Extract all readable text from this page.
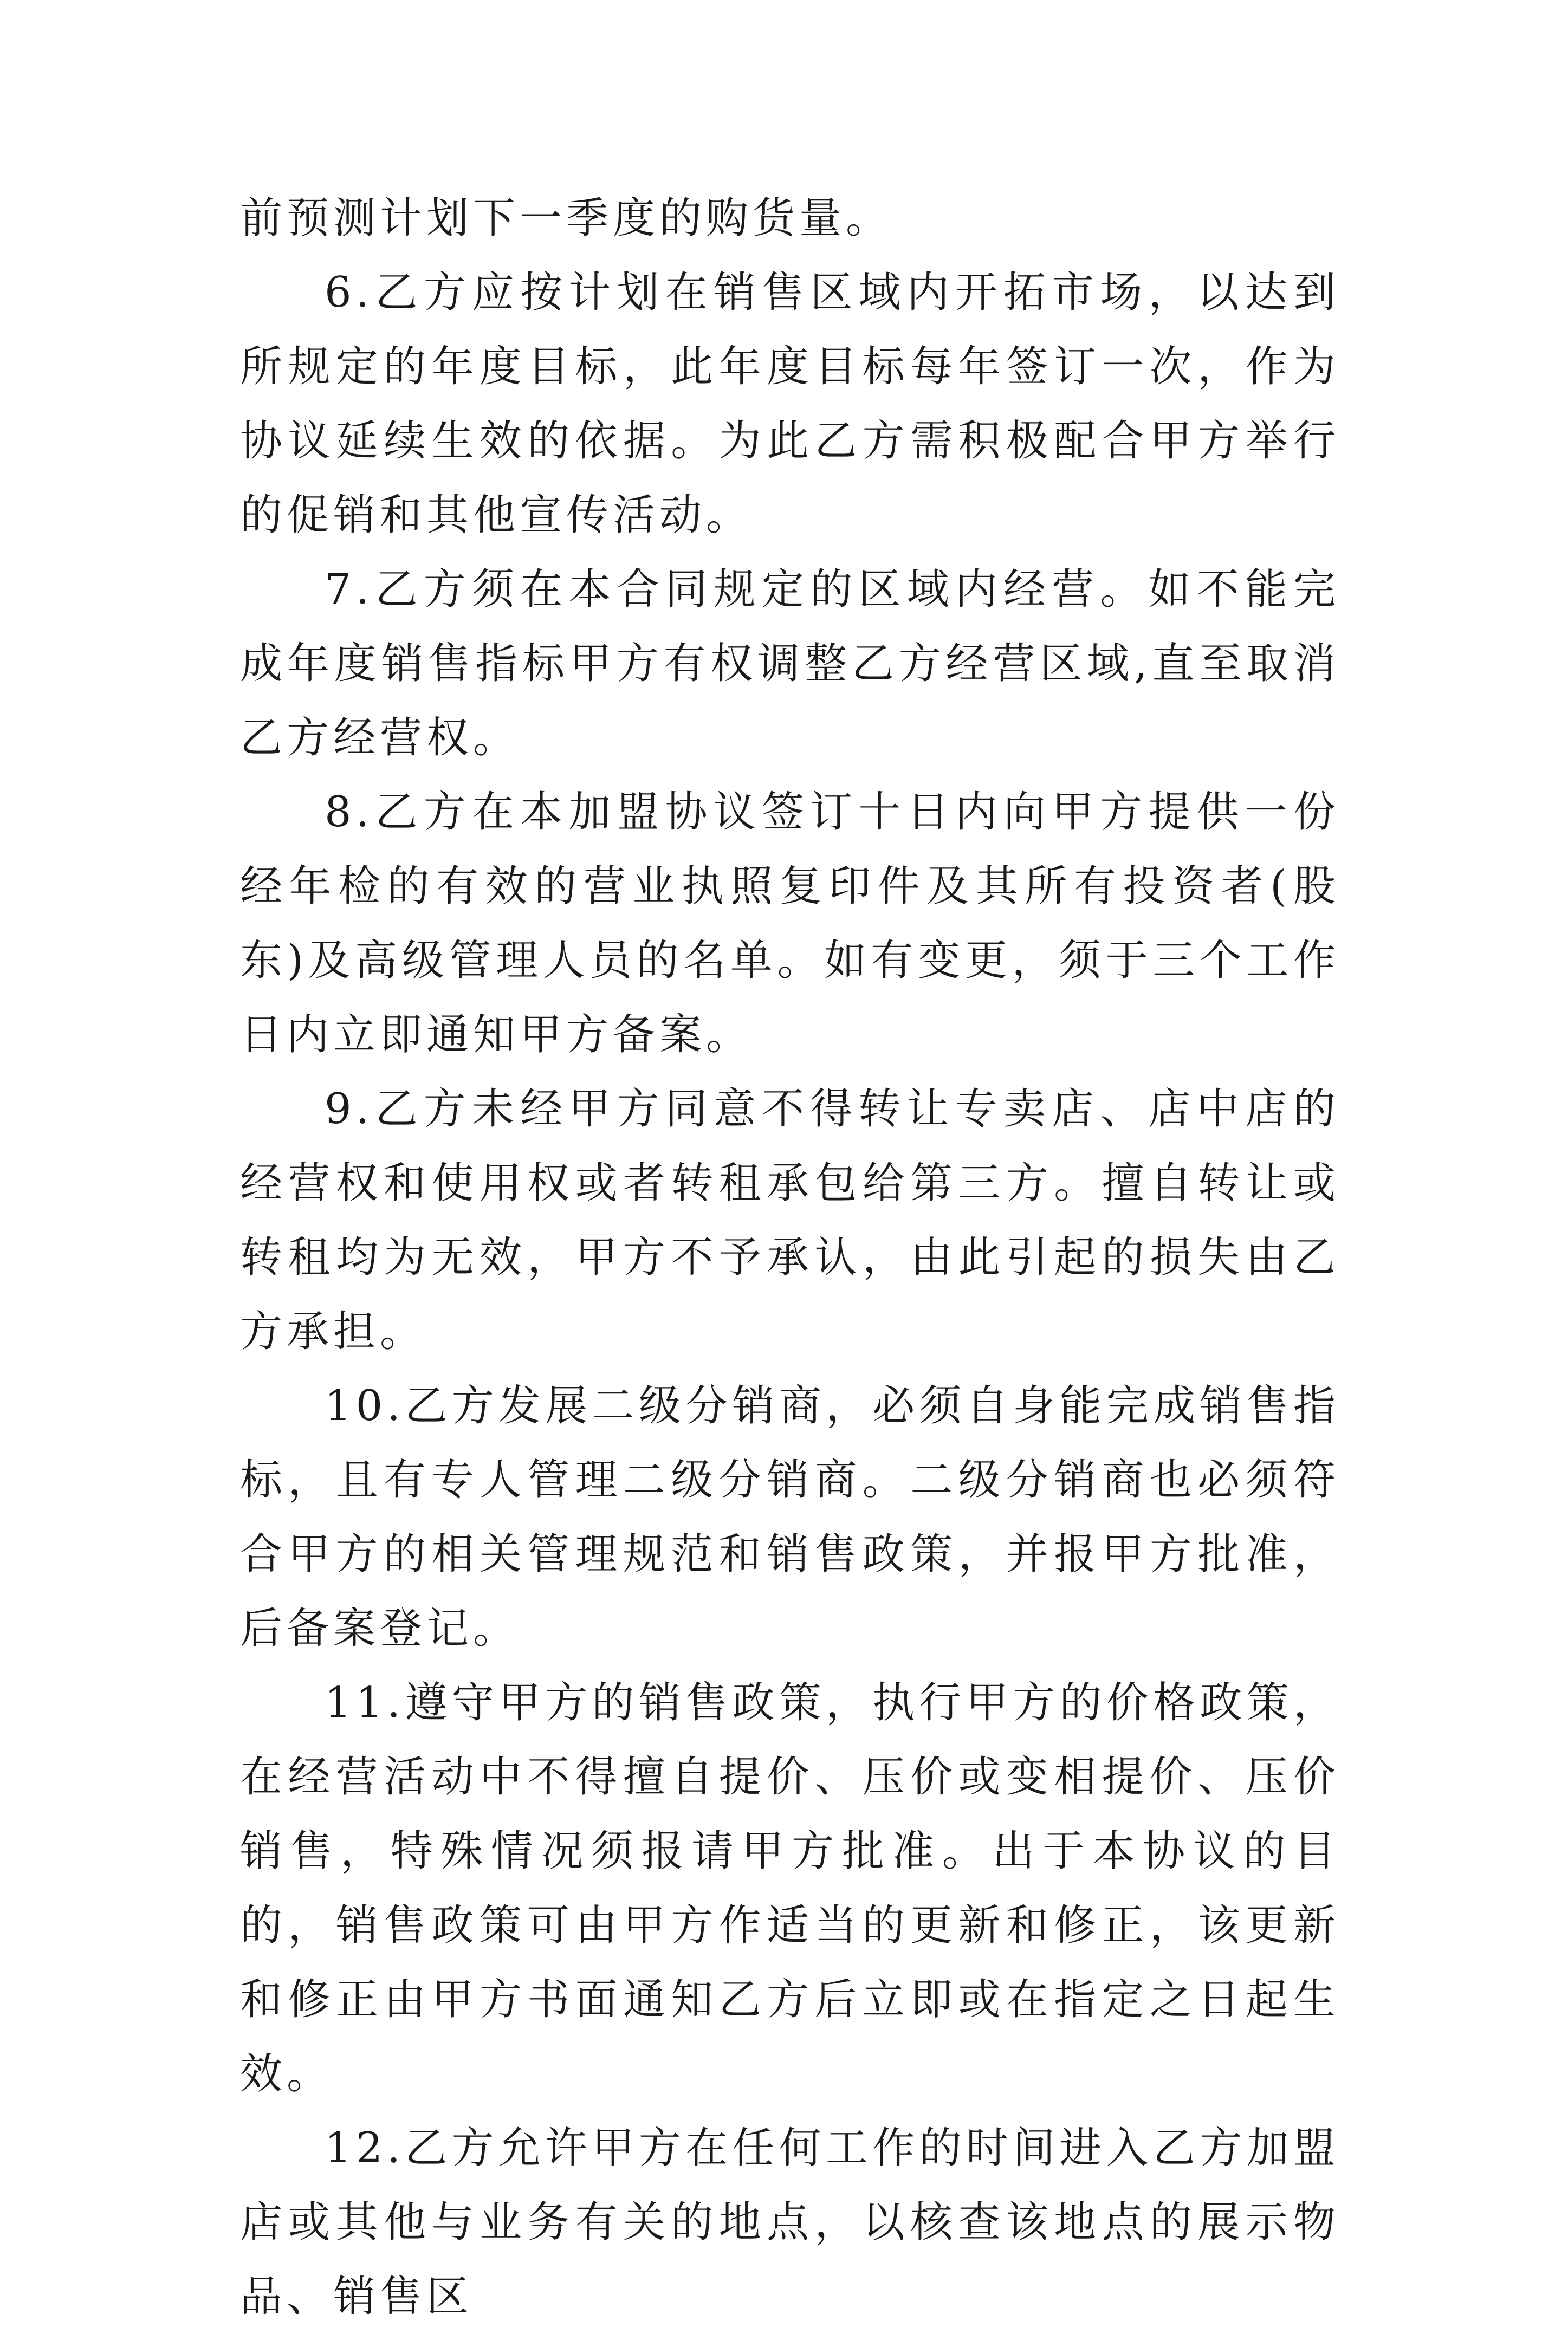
前预测计划下一季度的购货量。

6.乙方应按计划在销售区域内开拓市场，以达到所规定的年度目标，此年度目标每年签订一次，作为协议延续生效的依据。为此乙方需积极配合甲方举行的促销和其他宣传活动。

7.乙方须在本合同规定的区域内经营。如不能完成年度销售指标甲方有权调整乙方经营区域,直至取消乙方经营权。

8.乙方在本加盟协议签订十日内向甲方提供一份经年检的有效的营业执照复印件及其所有投资者(股东)及高级管理人员的名单。如有变更，须于三个工作日内立即通知甲方备案。

9.乙方未经甲方同意不得转让专卖店、店中店的经营权和使用权或者转租承包给第三方。擅自转让或转租均为无效，甲方不予承认，由此引起的损失由乙方承担。

10.乙方发展二级分销商，必须自身能完成销售指标，且有专人管理二级分销商。二级分销商也必须符合甲方的相关管理规范和销售政策，并报甲方批准，后备案登记。

11.遵守甲方的销售政策，执行甲方的价格政策，在经营活动中不得擅自提价、压价或变相提价、压价销售，特殊情况须报请甲方批准。出于本协议的目的，销售政策可由甲方作适当的更新和修正，该更新和修正由甲方书面通知乙方后立即或在指定之日起生效。

12.乙方允许甲方在任何工作的时间进入乙方加盟店或其他与业务有关的地点，以核查该地点的展示物品、销售区
